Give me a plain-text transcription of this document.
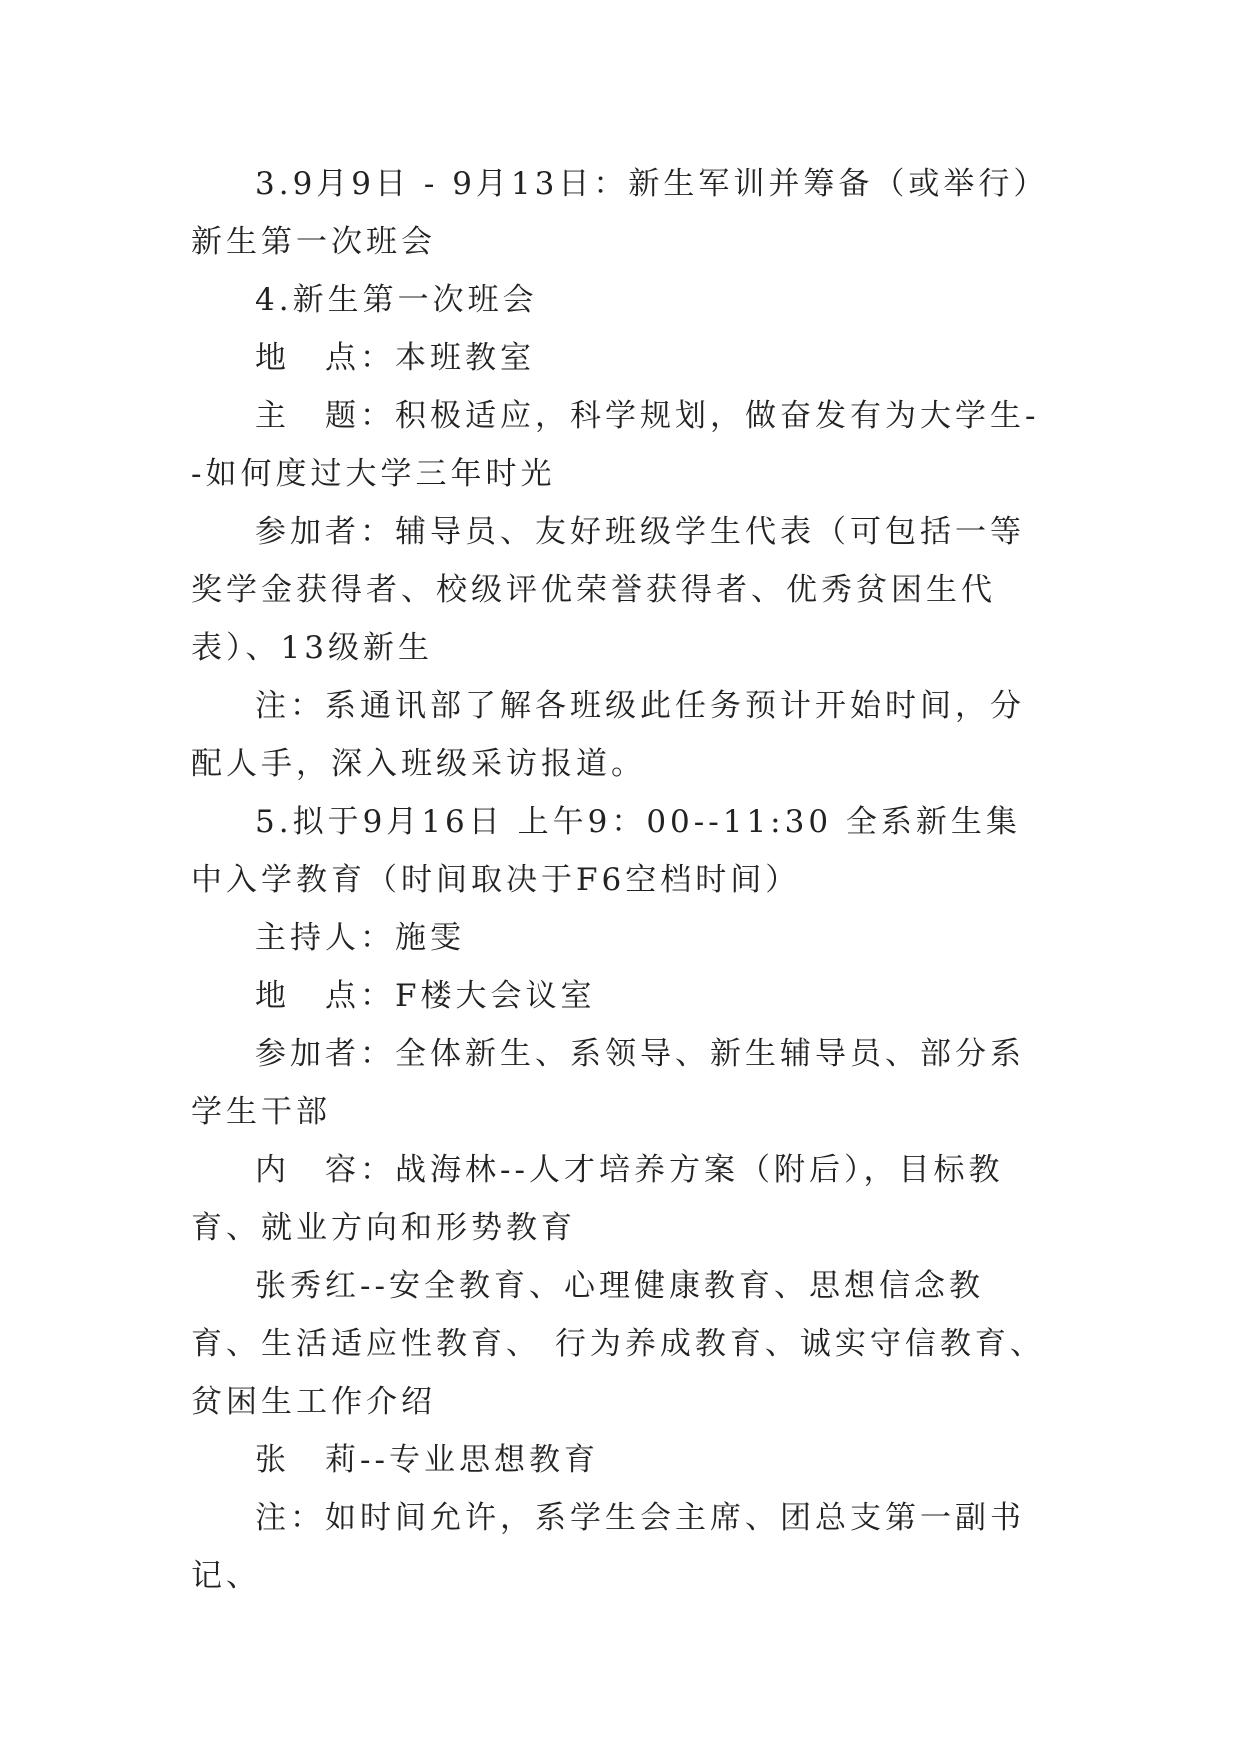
3.9月9日 - 9月13日：新生军训并筹备（或举行）新生第一次班会

4.新生第一次班会

地　点：本班教室

主　题：积极适应，科学规划，做奋发有为大学生--如何度过大学三年时光

参加者：辅导员、友好班级学生代表（可包括一等奖学金获得者、校级评优荣誉获得者、优秀贫困生代表）、13级新生

注：系通讯部了解各班级此任务预计开始时间，分配人手，深入班级采访报道。

5.拟于9月16日 上午9：00--11:30 全系新生集中入学教育（时间取决于F6空档时间）

主持人：施雯

地　点：F楼大会议室

参加者：全体新生、系领导、新生辅导员、部分系学生干部

内　容：战海林--人才培养方案（附后），目标教育、就业方向和形势教育

张秀红--安全教育、心理健康教育、思想信念教育、生活适应性教育、 行为养成教育、诚实守信教育、贫困生工作介绍

张　莉--专业思想教育

注：如时间允许，系学生会主席、团总支第一副书记、
